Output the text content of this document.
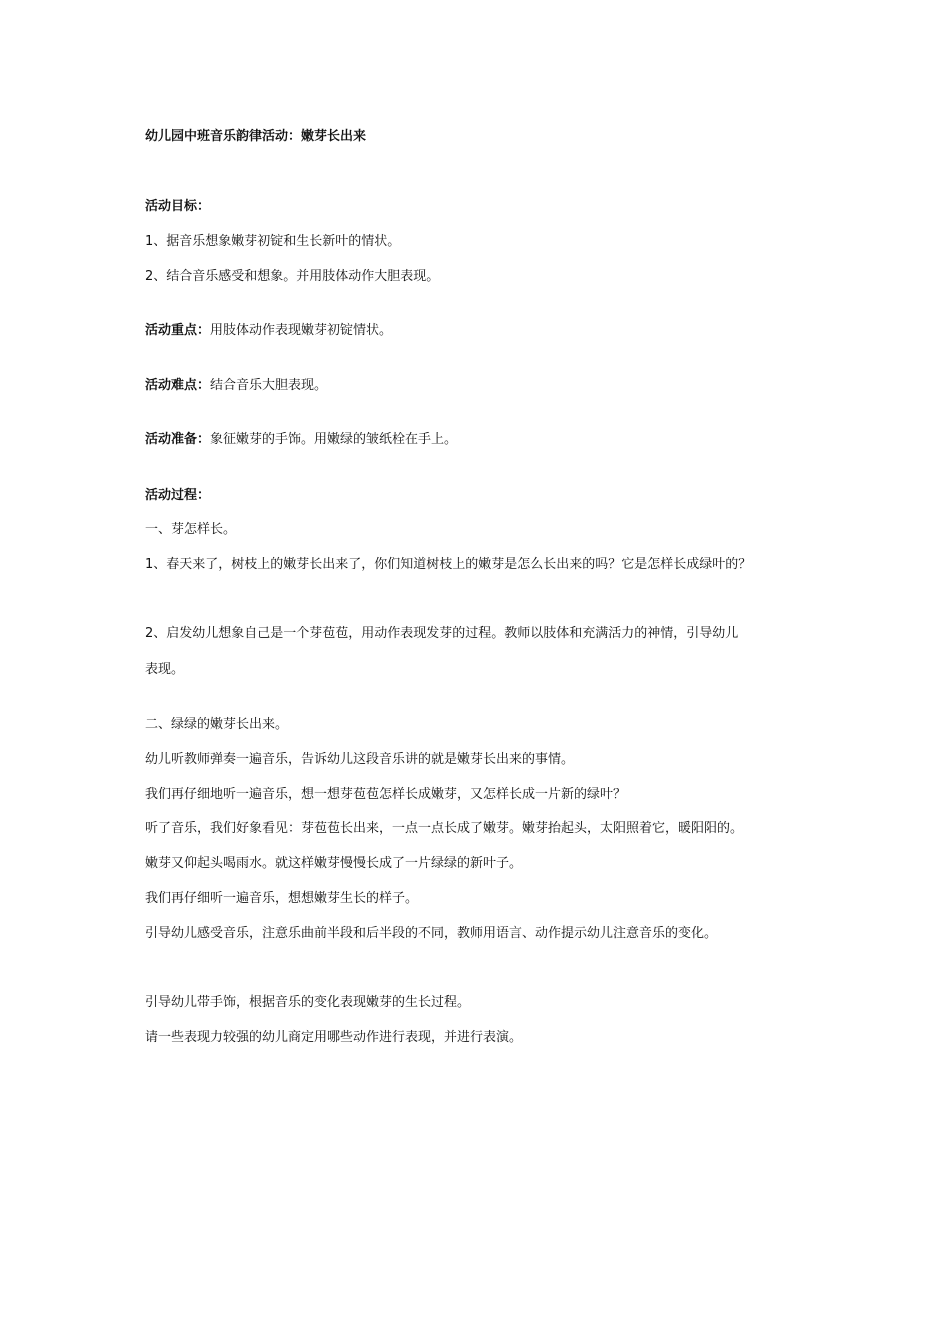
幼儿园中班音乐韵律活动：嫩芽长出来
活动目标：
1、据音乐想象嫩芽初锭和生长新叶的情状。
2、结合音乐感受和想象。并用肢体动作大胆表现。
活动重点：用肢体动作表现嫩芽初锭情状。
活动难点：结合音乐大胆表现。
活动准备：象征嫩芽的手饰。用嫩绿的皱纸栓在手上。
活动过程：
一、芽怎样长。
1、春天来了，树枝上的嫩芽长出来了，你们知道树枝上的嫩芽是怎么长出来的吗？它是怎样长成绿叶的？
2、启发幼儿想象自己是一个芽苞苞，用动作表现发芽的过程。教师以肢体和充满活力的神情，引导幼儿
表现。
二、绿绿的嫩芽长出来。
幼儿听教师弹奏一遍音乐，告诉幼儿这段音乐讲的就是嫩芽长出来的事情。
我们再仔细地听一遍音乐，想一想芽苞苞怎样长成嫩芽，又怎样长成一片新的绿叶？
听了音乐，我们好象看见：芽苞苞长出来，一点一点长成了嫩芽。嫩芽抬起头，太阳照着它，暖阳阳的。
嫩芽又仰起头喝雨水。就这样嫩芽慢慢长成了一片绿绿的新叶子。
我们再仔细听一遍音乐，想想嫩芽生长的样子。
引导幼儿感受音乐，注意乐曲前半段和后半段的不同，教师用语言、动作提示幼儿注意音乐的变化。
引导幼儿带手饰，根据音乐的变化表现嫩芽的生长过程。
请一些表现力较强的幼儿商定用哪些动作进行表现，并进行表演。
